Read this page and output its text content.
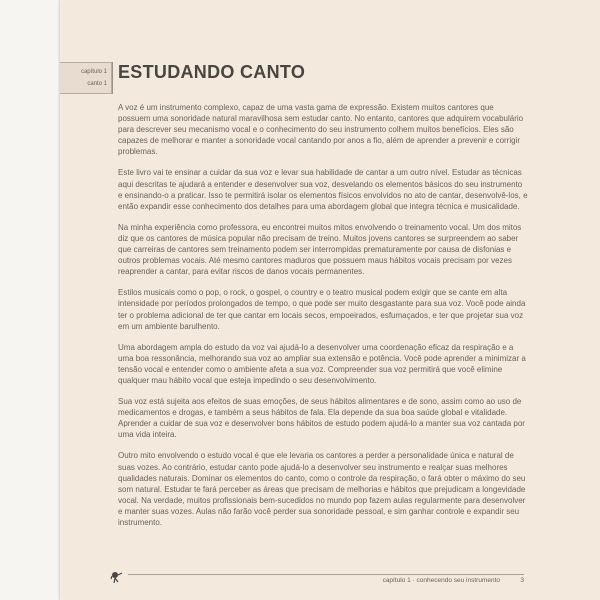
capítulo 1
canto 1
ESTUDANDO CANTO

A voz é um instrumento complexo, capaz de uma vasta gama de expressão. Existem muitos cantores que possuem uma sonoridade natural maravilhosa sem estudar canto. No entanto, cantores que adquirem vocabulário para descrever seu mecanismo vocal e o conhecimento do seu instrumento colhem muitos benefícios. Eles são capazes de melhorar e manter a sonoridade vocal cantando por anos a fio, além de aprender a prevenir e corrigir problemas.

Este livro vai te ensinar a cuidar da sua voz e levar sua habilidade de cantar a um outro nível. Estudar as técnicas aqui descritas te ajudará a entender e desenvolver sua voz, desvelando os elementos básicos do seu instrumento e ensinando-o a praticar. Isso te permitirá isolar os elementos físicos envolvidos no ato de cantar, desenvolvê-los, e então expandir esse conhecimento dos detalhes para uma abordagem global que integra técnica e musicalidade.

Na minha experiência como professora, eu encontrei muitos mitos envolvendo o treinamento vocal. Um dos mitos diz que os cantores de música popular não precisam de treino. Muitos jovens cantores se surpreendem ao saber que carreiras de cantores sem treinamento podem ser interrompidas prematuramente por causa de disfonias e outros problemas vocais. Até mesmo cantores maduros que possuem maus hábitos vocais precisam por vezes reaprender a cantar, para evitar riscos de danos vocais permanentes.

Estilos musicais como o pop, o rock, o gospel, o country e o teatro musical podem exigir que se cante em alta intensidade por períodos prolongados de tempo, o que pode ser muito desgastante para sua voz. Você pode ainda ter o problema adicional de ter que cantar em locais secos, empoeirados, esfumaçados, e ter que projetar sua voz em um ambiente barulhento.

Uma abordagem ampla do estudo da voz vai ajudá-lo a desenvolver uma coordenação eficaz da respiração e a uma boa ressonância, melhorando sua voz ao ampliar sua extensão e potência. Você pode aprender a minimizar a tensão vocal e entender como o ambiente afeta a sua voz. Compreender sua voz permitirá que você elimine qualquer mau hábito vocal que esteja impedindo o seu desenvolvimento.

Sua voz está sujeita aos efeitos de suas emoções, de seus hábitos alimentares e de sono, assim como ao uso de medicamentos e drogas, e também a seus hábitos de fala. Ela depende da sua boa saúde global e vitalidade. Aprender a cuidar de sua voz e desenvolver bons hábitos de estudo podem ajudá-lo a manter sua voz cantada por uma vida inteira.

Outro mito envolvendo o estudo vocal é que ele levaria os cantores a perder a personalidade única e natural de suas vozes. Ao contrário, estudar canto pode ajudá-lo a desenvolver seu instrumento e realçar suas melhores qualidades naturais. Dominar os elementos do canto, como o controle da respiração, o fará obter o máximo do seu som natural. Estudar te fará perceber as áreas que precisam de melhorias e hábitos que prejudicam a longevidade vocal. Na verdade, muitos profissionais bem-sucedidos no mundo pop fazem aulas regularmente para desenvolver e manter suas vozes. Aulas não farão você perder sua sonoridade pessoal, e sim ganhar controle e expandir seu instrumento.

capítulo 1 · conhecendo seu instrumento	3
